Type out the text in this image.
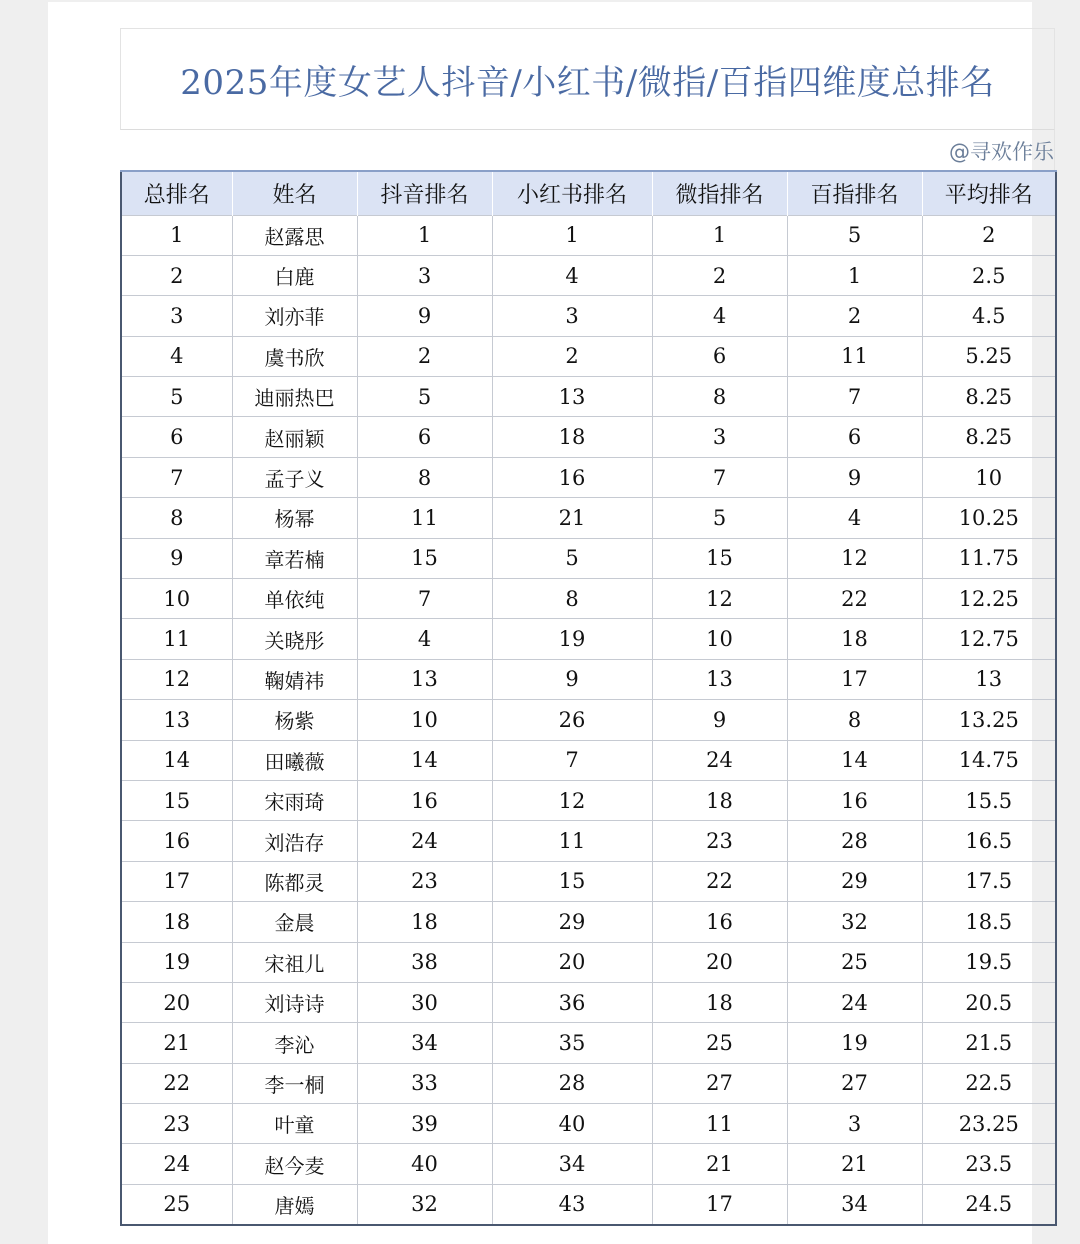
2025年度女艺人抖音/小红书/微指/百指四维度总排名
@寻欢作乐
总排名	姓名	抖音排名	小红书排名	微指排名	百指排名	平均排名
1	赵露思	1	1	1	5	2
2	白鹿	3	4	2	1	2.5
3	刘亦菲	9	3	4	2	4.5
4	虞书欣	2	2	6	11	5.25
5	迪丽热巴	5	13	8	7	8.25
6	赵丽颖	6	18	3	6	8.25
7	孟子义	8	16	7	9	10
8	杨幂	11	21	5	4	10.25
9	章若楠	15	5	15	12	11.75
10	单依纯	7	8	12	22	12.25
11	关晓彤	4	19	10	18	12.75
12	鞠婧祎	13	9	13	17	13
13	杨紫	10	26	9	8	13.25
14	田曦薇	14	7	24	14	14.75
15	宋雨琦	16	12	18	16	15.5
16	刘浩存	24	11	23	28	16.5
17	陈都灵	23	15	22	29	17.5
18	金晨	18	29	16	32	18.5
19	宋祖儿	38	20	20	25	19.5
20	刘诗诗	30	36	18	24	20.5
21	李沁	34	35	25	19	21.5
22	李一桐	33	28	27	27	22.5
23	叶童	39	40	11	3	23.25
24	赵今麦	40	34	21	21	23.5
25	唐嫣	32	43	17	34	24.5
